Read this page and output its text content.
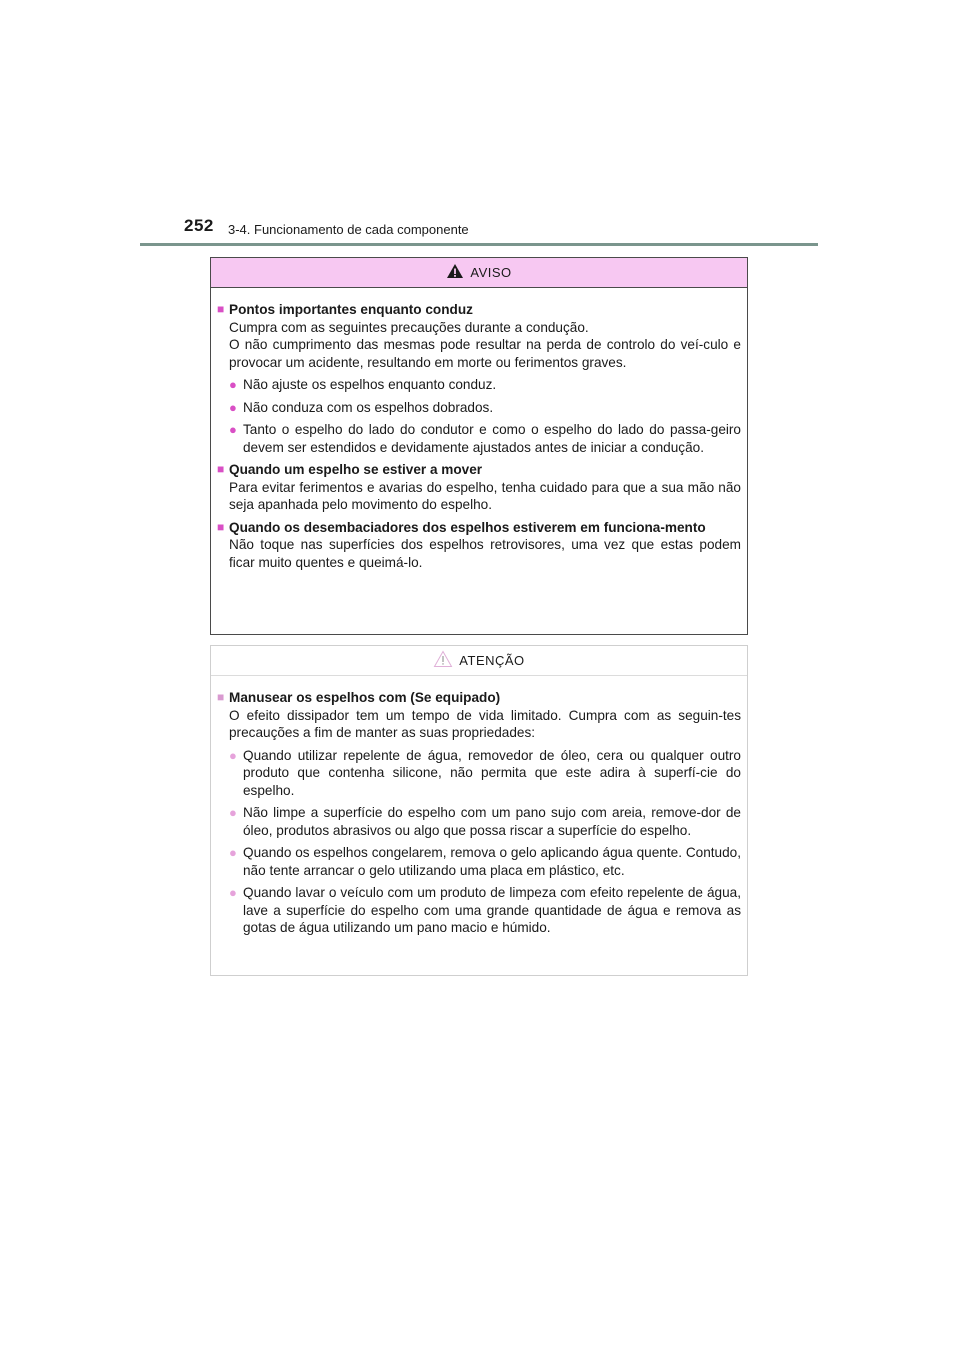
252 3-4. Funcionamento de cada componente
AVISO
■ Pontos importantes enquanto conduz
Cumpra com as seguintes precauções durante a condução.
O não cumprimento das mesmas pode resultar na perda de controlo do veí-culo e provocar um acidente, resultando em morte ou ferimentos graves.
● Não ajuste os espelhos enquanto conduz.
● Não conduza com os espelhos dobrados.
● Tanto o espelho do lado do condutor e como o espelho do lado do passa-geiro devem ser estendidos e devidamente ajustados antes de iniciar a condução.
■ Quando um espelho se estiver a mover
Para evitar ferimentos e avarias do espelho, tenha cuidado para que a sua mão não seja apanhada pelo movimento do espelho.
■ Quando os desembaciadores dos espelhos estiverem em funciona-mento
Não toque nas superfícies dos espelhos retrovisores, uma vez que estas podem ficar muito quentes e queimá-lo.
ATENÇÃO
■ Manusear os espelhos com (Se equipado)
O efeito dissipador tem um tempo de vida limitado. Cumpra com as seguin-tes precauções a fim de manter as suas propriedades:
● Quando utilizar repelente de água, removedor de óleo, cera ou qualquer outro produto que contenha silicone, não permita que este adira à superfí-cie do espelho.
● Não limpe a superfície do espelho com um pano sujo com areia, remove-dor de óleo, produtos abrasivos ou algo que possa riscar a superfície do espelho.
● Quando os espelhos congelarem, remova o gelo aplicando água quente. Contudo, não tente arrancar o gelo utilizando uma placa em plástico, etc.
● Quando lavar o veículo com um produto de limpeza com efeito repelente de água, lave a superfície do espelho com uma grande quantidade de água e remova as gotas de água utilizando um pano macio e húmido.
